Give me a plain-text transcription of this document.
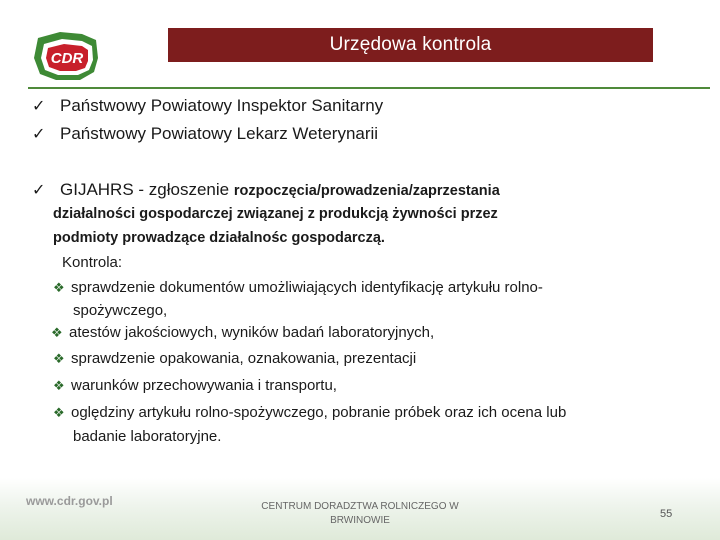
CDR
Urzędowa kontrola
✓ Państwowy Powiatowy Inspektor Sanitarny
✓ Państwowy Powiatowy Lekarz Weterynarii
✓ GIJAHRS - zgłoszenie rozpoczęcia/prowadzenia/zaprzestania
działalności gospodarczej związanej z produkcją żywności przez
podmioty prowadzące działalnośc gospodarczą.
Kontrola:
❖ sprawdzenie dokumentów umożliwiających identyfikację artykułu rolno-
spożywczego,
❖ atestów jakościowych, wyników badań laboratoryjnych,
❖ sprawdzenie opakowania, oznakowania, prezentacji
❖ warunków przechowywania i transportu,
❖ oględziny artykułu rolno-spożywczego, pobranie próbek oraz ich ocena lub
badanie laboratoryjne.
www.cdr.gov.pl	CENTRUM DORADZTWA ROLNICZEGO W
BRWINOWIE
55
